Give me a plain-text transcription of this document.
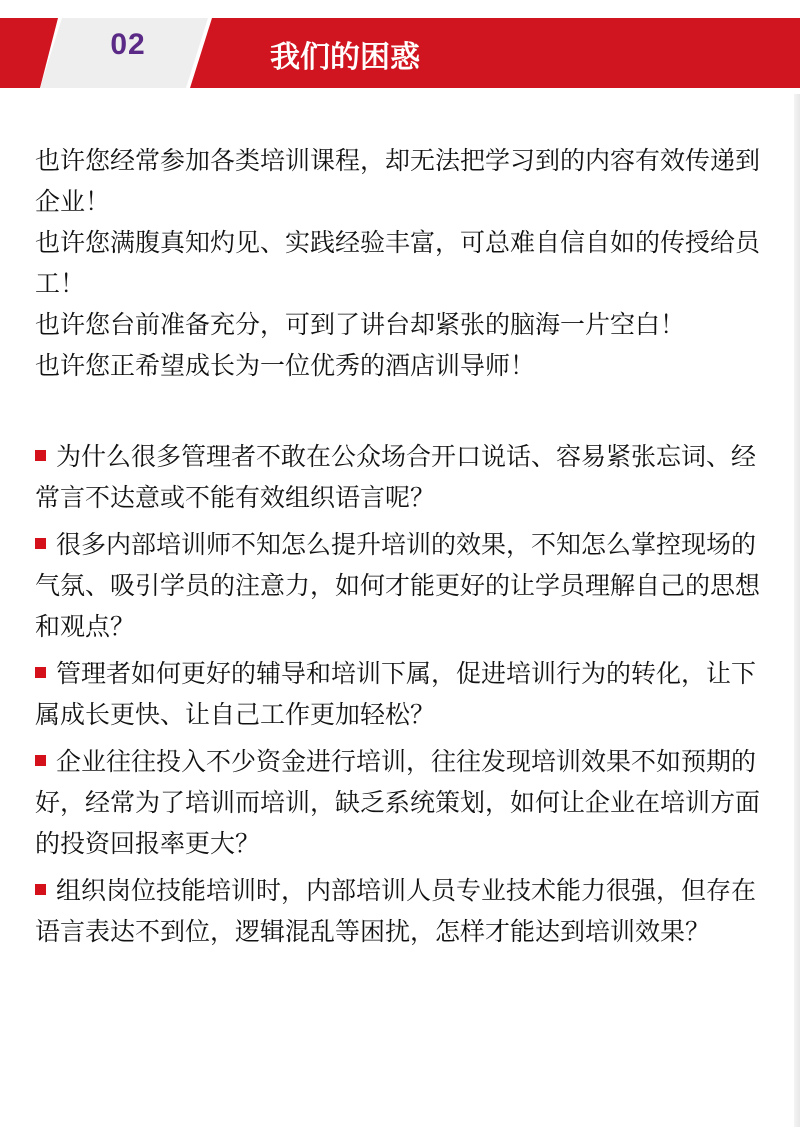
02	我们的困惑

也许您经常参加各类培训课程，却无法把学习到的内容有效传递到企业！

也许您满腹真知灼见、实践经验丰富，可总难自信自如的传授给员工！

也许您台前准备充分，可到了讲台却紧张的脑海一片空白！

也许您正希望成长为一位优秀的酒店训导师！

为什么很多管理者不敢在公众场合开口说话、容易紧张忘词、经常言不达意或不能有效组织语言呢？

很多内部培训师不知怎么提升培训的效果，不知怎么掌控现场的气氛、吸引学员的注意力，如何才能更好的让学员理解自己的思想和观点？

管理者如何更好的辅导和培训下属，促进培训行为的转化，让下属成长更快、让自己工作更加轻松？

企业往往投入不少资金进行培训，往往发现培训效果不如预期的好，经常为了培训而培训，缺乏系统策划，如何让企业在培训方面的投资回报率更大？

组织岗位技能培训时，内部培训人员专业技术能力很强，但存在语言表达不到位，逻辑混乱等困扰，怎样才能达到培训效果？
